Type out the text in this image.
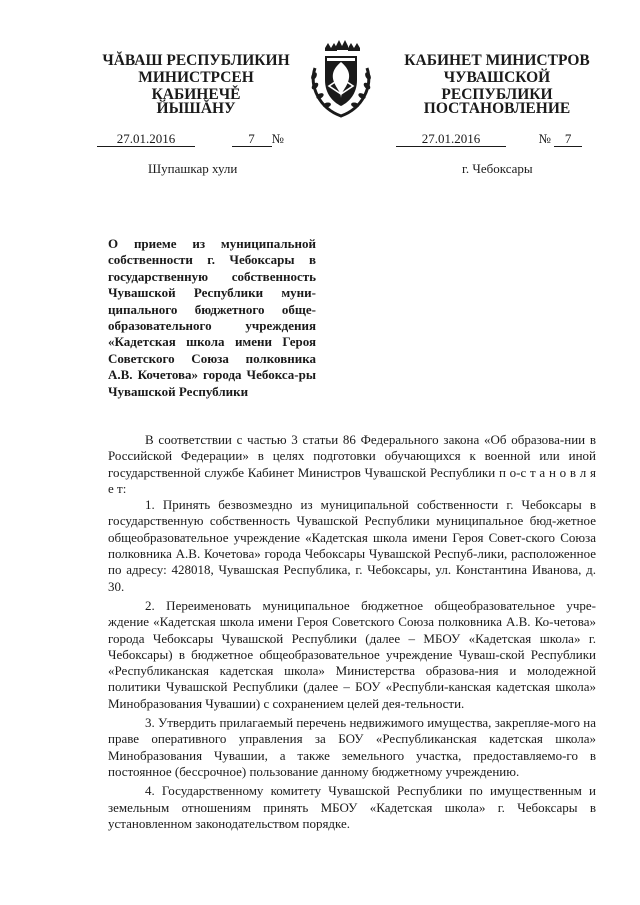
ЧĂВАШ РЕСПУБЛИКИН
МИНИСТРСЕН КАБИНЕЧĚ
ЙЫШĂНУ
КАБИНЕТ МИНИСТРОВ
ЧУВАШСКОЙ РЕСПУБЛИКИ
ПОСТАНОВЛЕНИЕ
27.01.2016	7 №	27.01.2016	№ 7
Шупашкар хули	г. Чебоксары
О приеме из муниципальной собственности г. Чебоксары в государственную собственность Чувашской Республики муни-ципального бюджетного обще-образовательного учреждения «Кадетская школа имени Героя Советского Союза полковника А.В. Кочетова» города Чебокса-ры Чувашской Республики

В соответствии с частью 3 статьи 86 Федерального закона «Об образова-нии в Российской Федерации» в целях подготовки обучающихся к военной или иной государственной службе Кабинет Министров Чувашской Республики п о-с т а н о в л я е т:

1. Принять безвозмездно из муниципальной собственности г. Чебоксары в государственную собственность Чувашской Республики муниципальное бюд-жетное общеобразовательное учреждение «Кадетская школа имени Героя Совет-ского Союза полковника А.В. Кочетова» города Чебоксары Чувашской Респуб-лики, расположенное по адресу: 428018, Чувашская Республика, г. Чебоксары, ул. Константина Иванова, д. 30.

2. Переименовать муниципальное бюджетное общеобразовательное учре-ждение «Кадетская школа имени Героя Советского Союза полковника А.В. Ко-четова» города Чебоксары Чувашской Республики (далее – МБОУ «Кадетская школа» г. Чебоксары) в бюджетное общеобразовательное учреждение Чуваш-ской Республики «Республиканская кадетская школа» Министерства образова-ния и молодежной политики Чувашской Республики (далее – БОУ «Республи-канская кадетская школа» Минобразования Чувашии) с сохранением целей дея-тельности.

3. Утвердить прилагаемый перечень недвижимого имущества, закрепляе-мого на праве оперативного управления за БОУ «Республиканская кадетская школа» Минобразования Чувашии, а также земельного участка, предоставляемо-го в постоянное (бессрочное) пользование данному бюджетному учреждению.

4. Государственному комитету Чувашской Республики по имущественным и земельным отношениям принять МБОУ «Кадетская школа» г. Чебоксары в установленном законодательством порядке.
